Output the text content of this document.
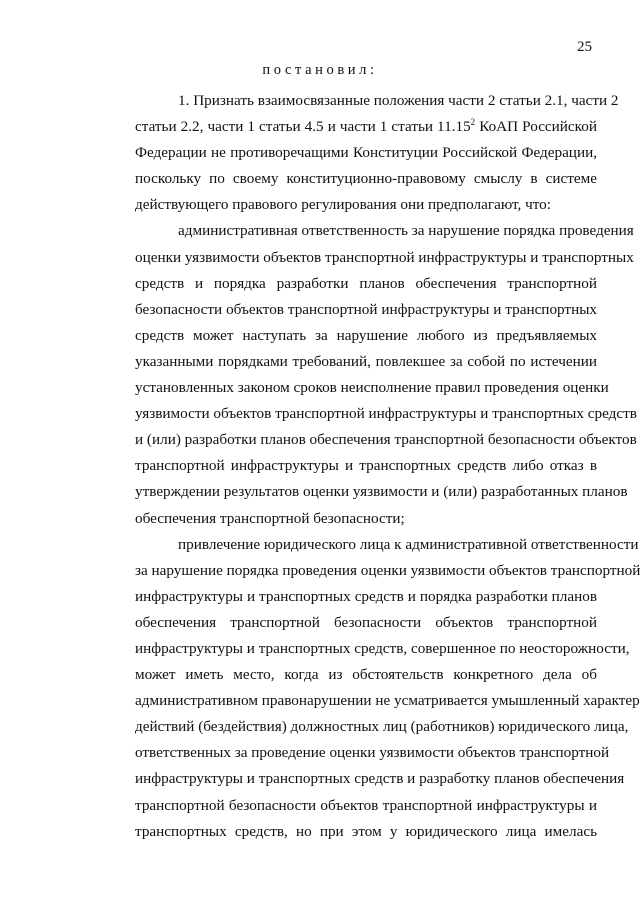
25
постановил:
1. Признать взаимосвязанные положения части 2 статьи 2.1, части 2
статьи 2.2, части 1 статьи 4.5 и части 1 статьи 11.15$^2$ КоАП Российской
Федерации не противоречащими Конституции Российской Федерации,
поскольку по своему конституционно-правовому смыслу в системе
действующего правового регулирования они предполагают, что:
административная ответственность за нарушение порядка проведения
оценки уязвимости объектов транспортной инфраструктуры и транспортных
средств и порядка разработки планов обеспечения транспортной
безопасности объектов транспортной инфраструктуры и транспортных
средств может наступать за нарушение любого из предъявляемых
указанными порядками требований, повлекшее за собой по истечении
установленных законом сроков неисполнение правил проведения оценки
уязвимости объектов транспортной инфраструктуры и транспортных средств
и (или) разработки планов обеспечения транспортной безопасности объектов
транспортной инфраструктуры и транспортных средств либо отказ в
утверждении результатов оценки уязвимости и (или) разработанных планов
обеспечения транспортной безопасности;
привлечение юридического лица к административной ответственности
за нарушение порядка проведения оценки уязвимости объектов транспортной
инфраструктуры и транспортных средств и порядка разработки планов
обеспечения транспортной безопасности объектов транспортной
инфраструктуры и транспортных средств, совершенное по неосторожности,
может иметь место, когда из обстоятельств конкретного дела об
административном правонарушении не усматривается умышленный характер
действий (бездействия) должностных лиц (работников) юридического лица,
ответственных за проведение оценки уязвимости объектов транспортной
инфраструктуры и транспортных средств и разработку планов обеспечения
транспортной безопасности объектов транспортной инфраструктуры и
транспортных средств, но при этом у юридического лица имелась
